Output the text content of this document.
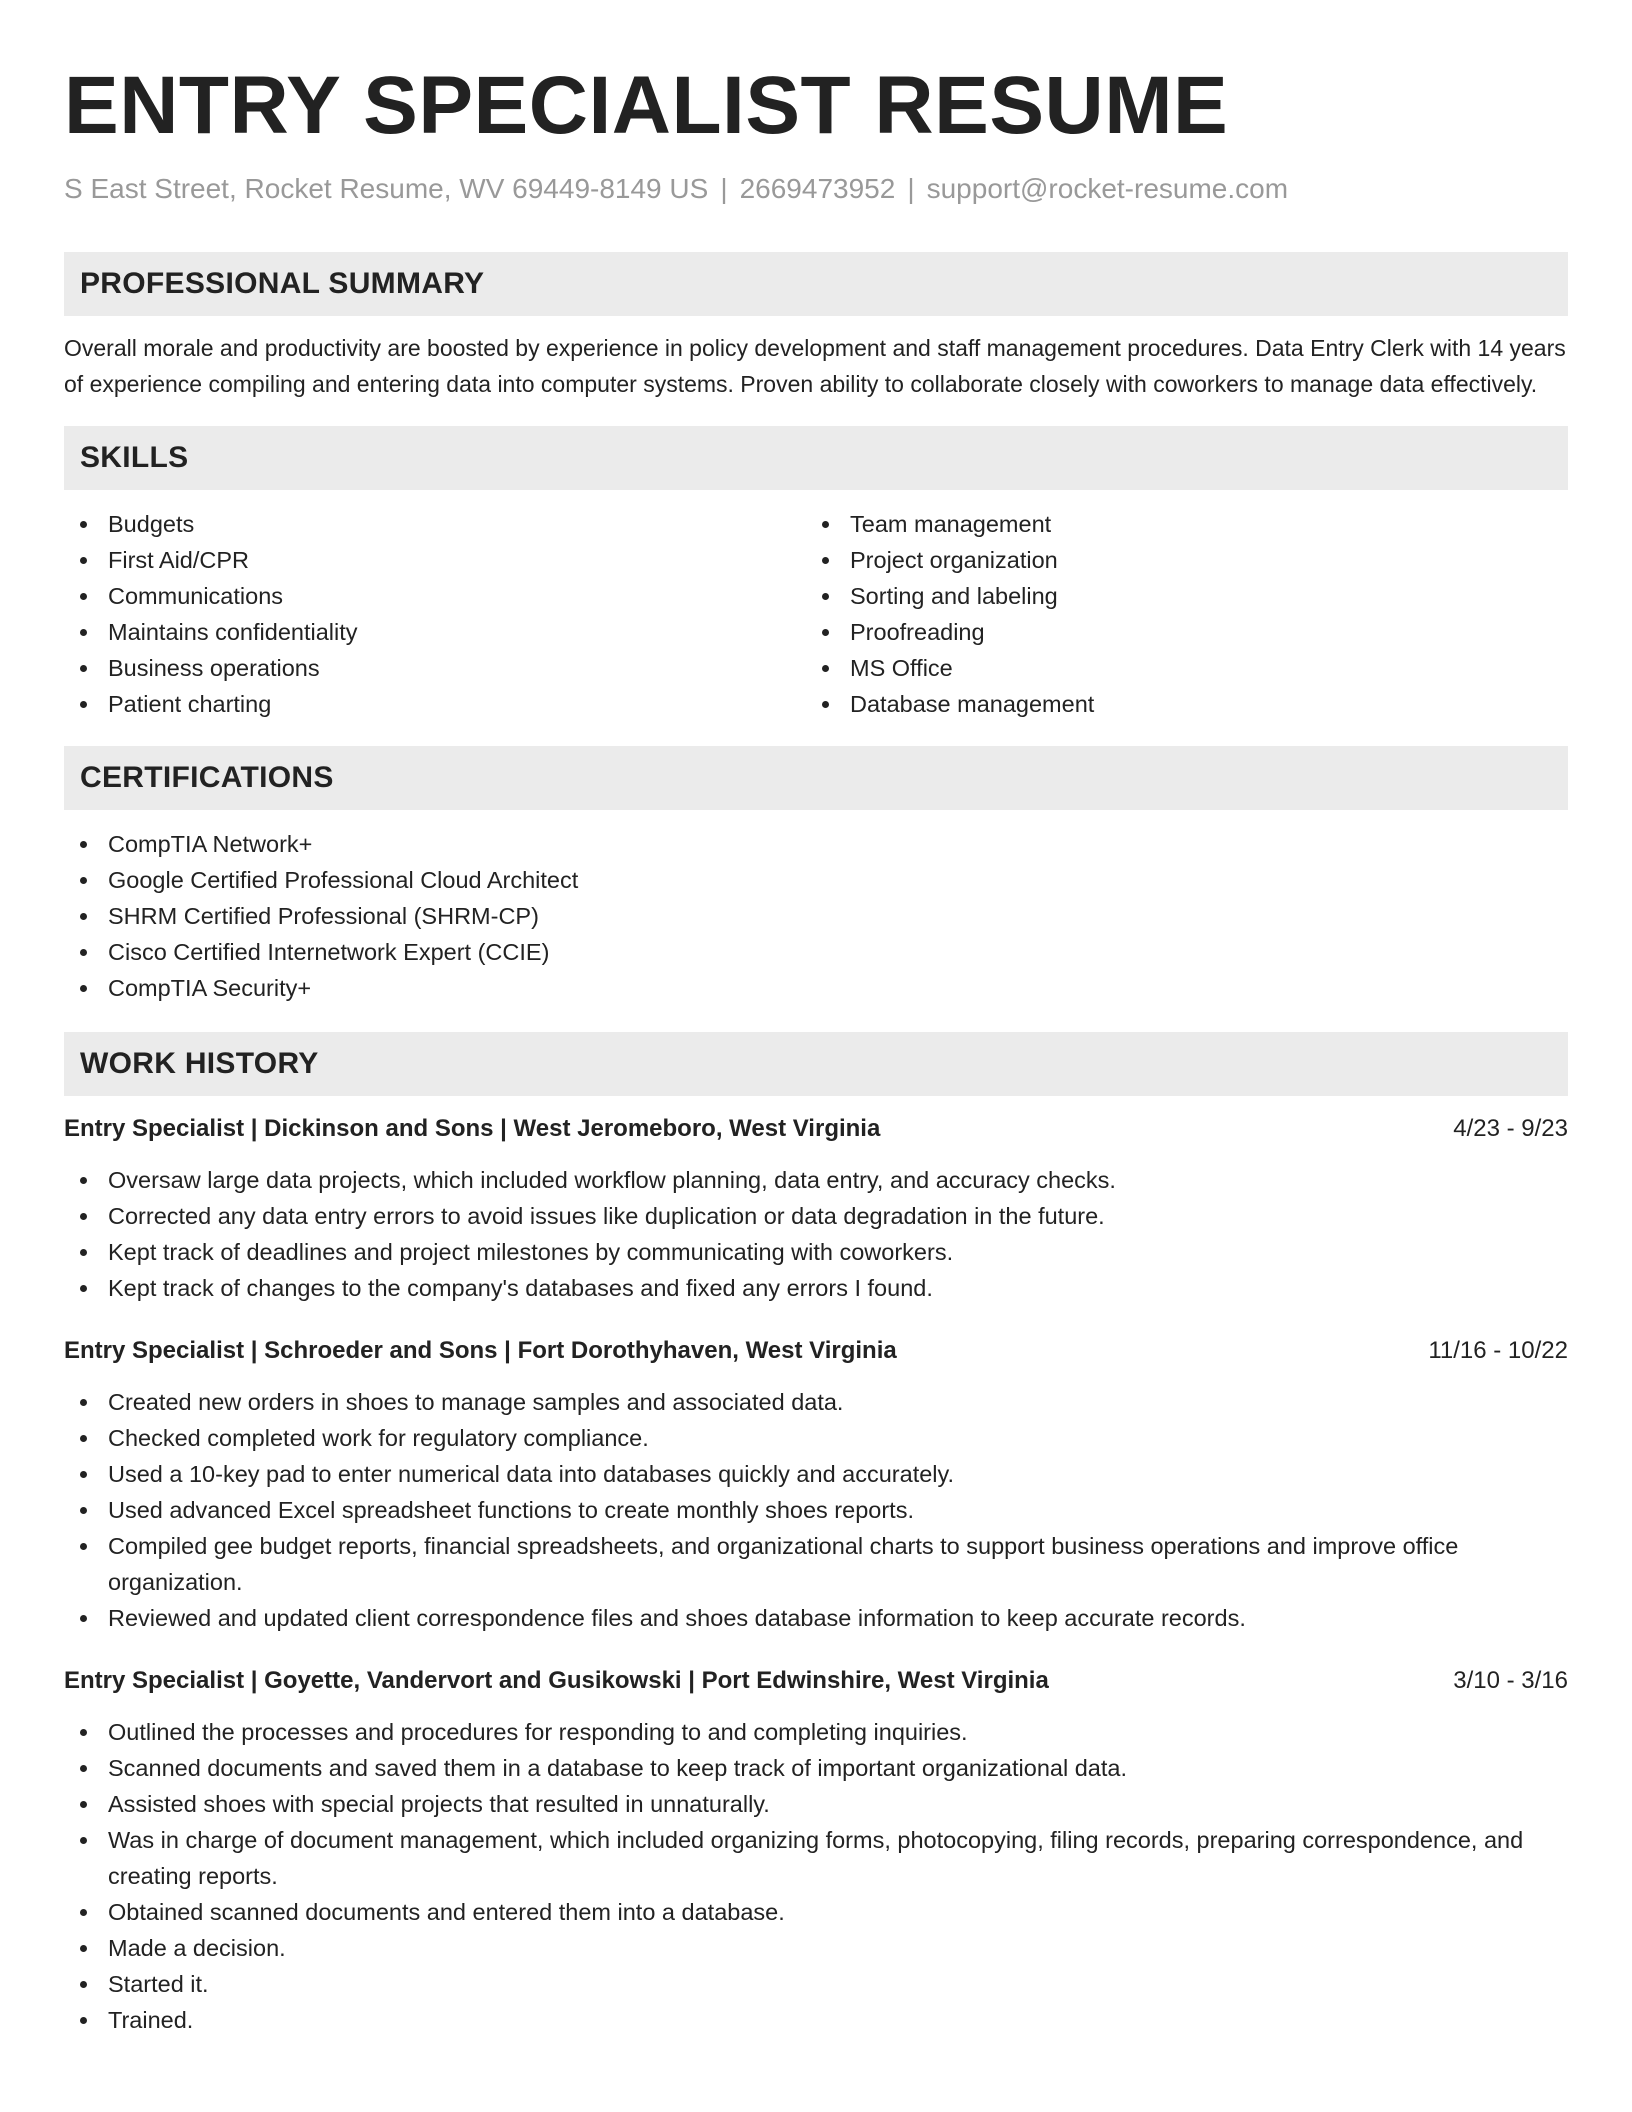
ENTRY SPECIALIST RESUME
S East Street, Rocket Resume, WV 69449-8149 US | 2669473952 | support@rocket-resume.com
PROFESSIONAL SUMMARY

Overall morale and productivity are boosted by experience in policy development and staff management procedures. Data Entry Clerk with 14 years of experience compiling and entering data into computer systems. Proven ability to collaborate closely with coworkers to manage data effectively.

SKILLS
Budgets
First Aid/CPR
Communications
Maintains confidentiality
Business operations
Patient charting
Team management
Project organization
Sorting and labeling
Proofreading
MS Office
Database management
CERTIFICATIONS
CompTIA Network+
Google Certified Professional Cloud Architect
SHRM Certified Professional (SHRM-CP)
Cisco Certified Internetwork Expert (CCIE)
CompTIA Security+
WORK HISTORY
Entry Specialist | Dickinson and Sons | West Jeromeboro, West Virginia	4/23 - 9/23
Oversaw large data projects, which included workflow planning, data entry, and accuracy checks.
Corrected any data entry errors to avoid issues like duplication or data degradation in the future.
Kept track of deadlines and project milestones by communicating with coworkers.
Kept track of changes to the company's databases and fixed any errors I found.
Entry Specialist | Schroeder and Sons | Fort Dorothyhaven, West Virginia	11/16 - 10/22
Created new orders in shoes to manage samples and associated data.
Checked completed work for regulatory compliance.
Used a 10-key pad to enter numerical data into databases quickly and accurately.
Used advanced Excel spreadsheet functions to create monthly shoes reports.
Compiled gee budget reports, financial spreadsheets, and organizational charts to support business operations and improve office organization.
Reviewed and updated client correspondence files and shoes database information to keep accurate records.
Entry Specialist | Goyette, Vandervort and Gusikowski | Port Edwinshire, West Virginia	3/10 - 3/16
Outlined the processes and procedures for responding to and completing inquiries.
Scanned documents and saved them in a database to keep track of important organizational data.
Assisted shoes with special projects that resulted in unnaturally.
Was in charge of document management, which included organizing forms, photocopying, filing records, preparing correspondence, and creating reports.
Obtained scanned documents and entered them into a database.
Made a decision.
Started it.
Trained.
